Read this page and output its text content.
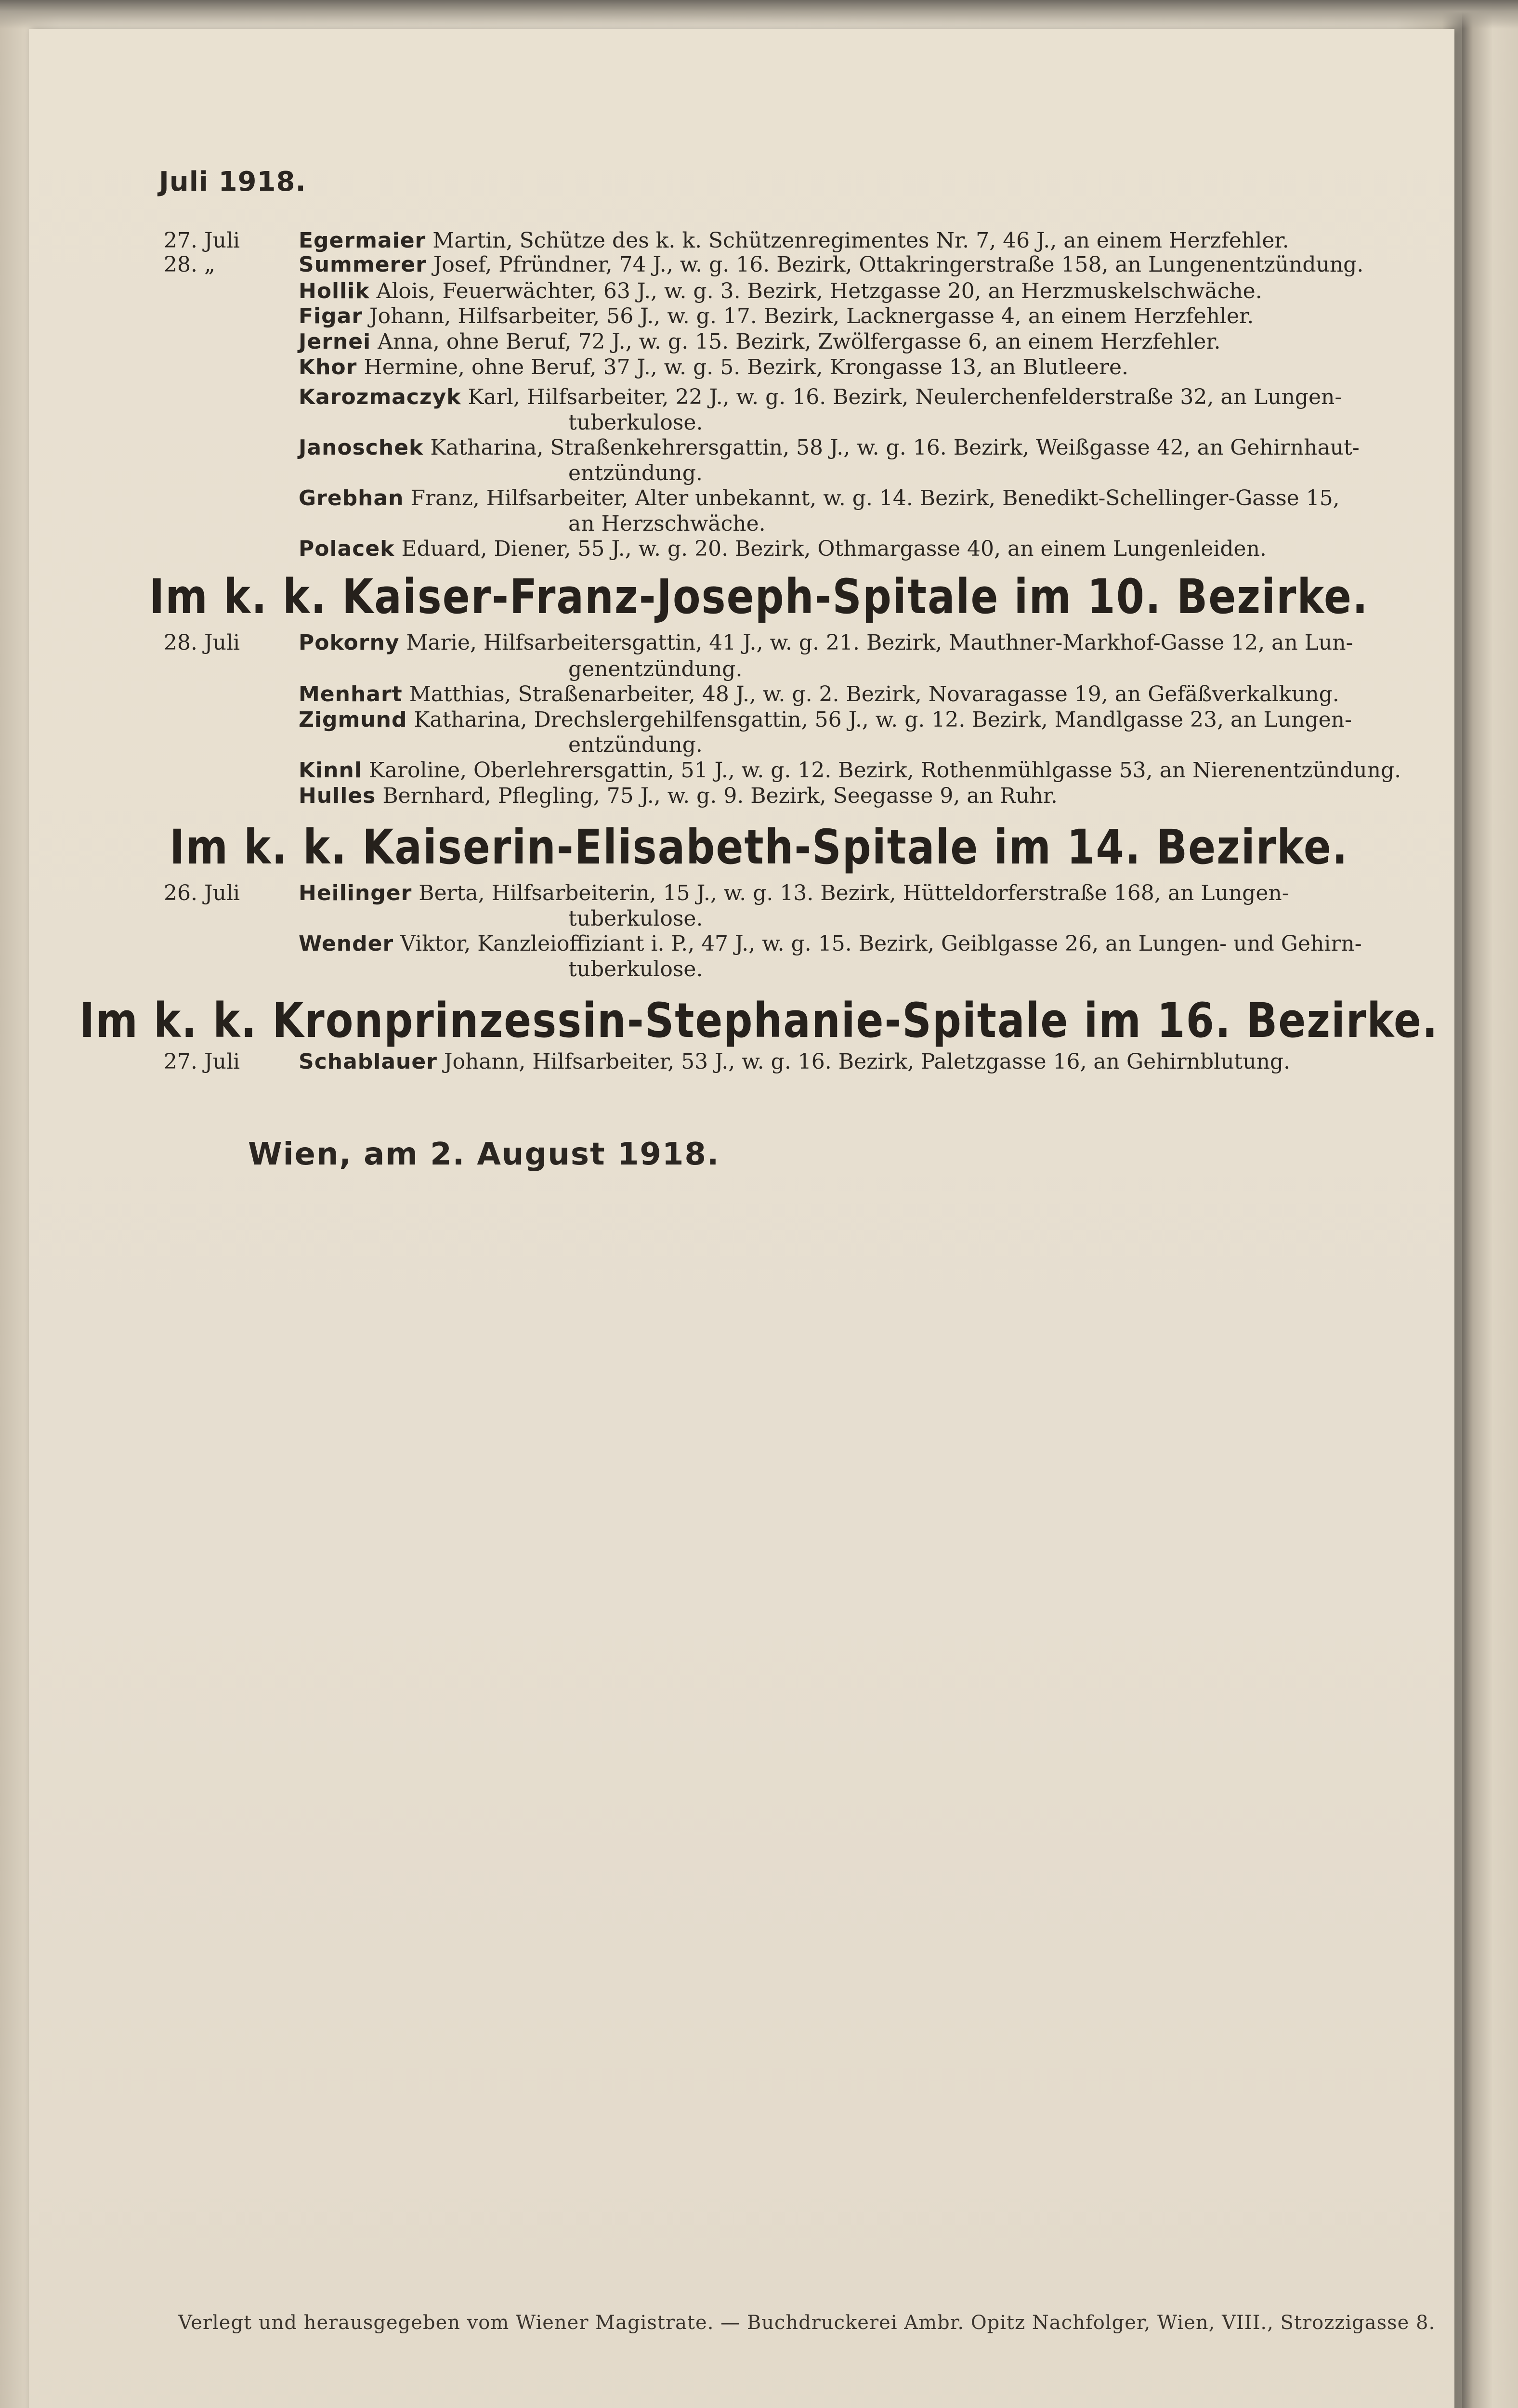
Juli 1918.
27. Juli	Egermaier Martin, Schütze des k. k. Schützenregimentes Nr. 7, 46 J., an einem Herzfehler.
28. „	Summerer Josef, Pfründner, 74 J., w. g. 16. Bezirk, Ottakringerstraße 158, an Lungenentzündung.
Hollik Alois, Feuerwächter, 63 J., w. g. 3. Bezirk, Hetzgasse 20, an Herzmuskelschwäche.
Figar Johann, Hilfsarbeiter, 56 J., w. g. 17. Bezirk, Lacknergasse 4, an einem Herzfehler.
Jernei Anna, ohne Beruf, 72 J., w. g. 15. Bezirk, Zwölfergasse 6, an einem Herzfehler.
Khor Hermine, ohne Beruf, 37 J., w. g. 5. Bezirk, Krongasse 13, an Blutleere.
Karozmaczyk Karl, Hilfsarbeiter, 22 J., w. g. 16. Bezirk, Neulerchenfelderstraße 32, an Lungen-
tuberkulose.
Janoschek Katharina, Straßenkehrersgattin, 58 J., w. g. 16. Bezirk, Weißgasse 42, an Gehirnhaut-
entzündung.
Grebhan Franz, Hilfsarbeiter, Alter unbekannt, w. g. 14. Bezirk, Benedikt-Schellinger-Gasse 15,
an Herzschwäche.
Polacek Eduard, Diener, 55 J., w. g. 20. Bezirk, Othmargasse 40, an einem Lungenleiden.
Im k. k. Kaiser-Franz-Joseph-Spitale im 10. Bezirke.
28. Juli	Pokorny Marie, Hilfsarbeitersgattin, 41 J., w. g. 21. Bezirk, Mauthner-Markhof-Gasse 12, an Lun-
genentzündung.
Menhart Matthias, Straßenarbeiter, 48 J., w. g. 2. Bezirk, Novaragasse 19, an Gefäßverkalkung.
Zigmund Katharina, Drechslergehilfensgattin, 56 J., w. g. 12. Bezirk, Mandlgasse 23, an Lungen-
entzündung.
Kinnl Karoline, Oberlehrersgattin, 51 J., w. g. 12. Bezirk, Rothenmühlgasse 53, an Nierenentzündung.
Hulles Bernhard, Pflegling, 75 J., w. g. 9. Bezirk, Seegasse 9, an Ruhr.
Im k. k. Kaiserin-Elisabeth-Spitale im 14. Bezirke.
26. Juli	Heilinger Berta, Hilfsarbeiterin, 15 J., w. g. 13. Bezirk, Hütteldorferstraße 168, an Lungen-
tuberkulose.
Wender Viktor, Kanzleioffiziant i. P., 47 J., w. g. 15. Bezirk, Geiblgasse 26, an Lungen- und Gehirn-
tuberkulose.
Im k. k. Kronprinzessin-Stephanie-Spitale im 16. Bezirke.
27. Juli	Schablauer Johann, Hilfsarbeiter, 53 J., w. g. 16. Bezirk, Paletzgasse 16, an Gehirnblutung.
Wien, am 2. August 1918.
Verlegt und herausgegeben vom Wiener Magistrate. — Buchdruckerei Ambr. Opitz Nachfolger, Wien, VIII., Strozzigasse 8.
